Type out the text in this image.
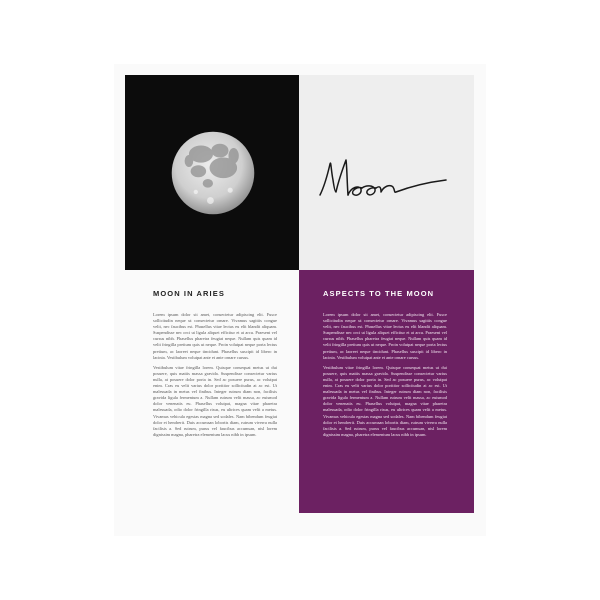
MOON IN ARIES	ASPECTS TO THE MOON

Lorem ipsum dolor sit amet, consectetur adipiscing elit. Fusce sollicitudin neque ut consectetur ornare. Vivamus sagittis congue velit, nec faucibus est. Phasellus vitae lectus eu elit blandit aliquam. Suspendisse nec orci ut ligula aliquet efficitur et at arcu. Praesent vel cursus nibh. Phasellus pharetra feugiat neque. Nullam quis quam id velit fringilla pretium quis ut neque. Proin volutpat neque porta lectus pretium, ac laoreet neque tincidunt. Phasellus suscipit id libero in lacinia. Vestibulum volutpat ante et ante ornare cursus.

Vestibulum vitae fringilla lorem. Quisque consequat metus ut dui posuere, quis mattis massa gravida. Suspendisse consectetur varius nulla, at posuere dolor porta in. Sed ac posuere purus, ac volutpat enim. Cras eu velit varius dolor porttitor sollicitudin at ac est. Ut malesuada in metus vel finibus. Integer rutrum diam non, facilisis gravida ligula fermentum a. Nullam rutrum velit massa, ac euismod dolor venenatis eu. Phasellus volutpat, magna vitae pharetra malesuada, odio dolor fringilla risus, eu ultrices quam velit a metus. Vivamus vehicula egestas magna sed sodales. Nam bibendum feugiat dolor et hendrerit. Duis accumsan lobortis diam, rutrum viverra nulla facilisis a. Sed rutrum, purus vel faucibus accumsan, nisl lorem dignissim magna, pharetra elementum lacus nibh in ipsum.

Lorem ipsum dolor sit amet, consectetur adipiscing elit. Fusce sollicitudin neque ut consectetur ornare. Vivamus sagittis congue velit, nec faucibus est. Phasellus vitae lectus eu elit blandit aliquam. Suspendisse nec orci ut ligula aliquet efficitur et at arcu. Praesent vel cursus nibh. Phasellus pharetra feugiat neque. Nullam quis quam id velit fringilla pretium quis ut neque. Proin volutpat neque porta lectus pretium, ac laoreet neque tincidunt. Phasellus suscipit id libero in lacinia. Vestibulum volutpat ante et ante ornare cursus.

Vestibulum vitae fringilla lorem. Quisque consequat metus ut dui posuere, quis mattis massa gravida. Suspendisse consectetur varius nulla, at posuere dolor porta in. Sed ac posuere purus, ac volutpat enim. Cras eu velit varius dolor porttitor sollicitudin at ac est. Ut malesuada in metus vel finibus. Integer rutrum diam non, facilisis gravida ligula fermentum a. Nullam rutrum velit massa, ac euismod dolor venenatis eu. Phasellus volutpat, magna vitae pharetra malesuada, odio dolor fringilla risus, eu ultrices quam velit a metus. Vivamus vehicula egestas magna sed sodales. Nam bibendum feugiat dolor et hendrerit. Duis accumsan lobortis diam, rutrum viverra nulla facilisis a. Sed rutrum, purus vel faucibus accumsan, nisl lorem dignissim magna, pharetra elementum lacus nibh in ipsum.
